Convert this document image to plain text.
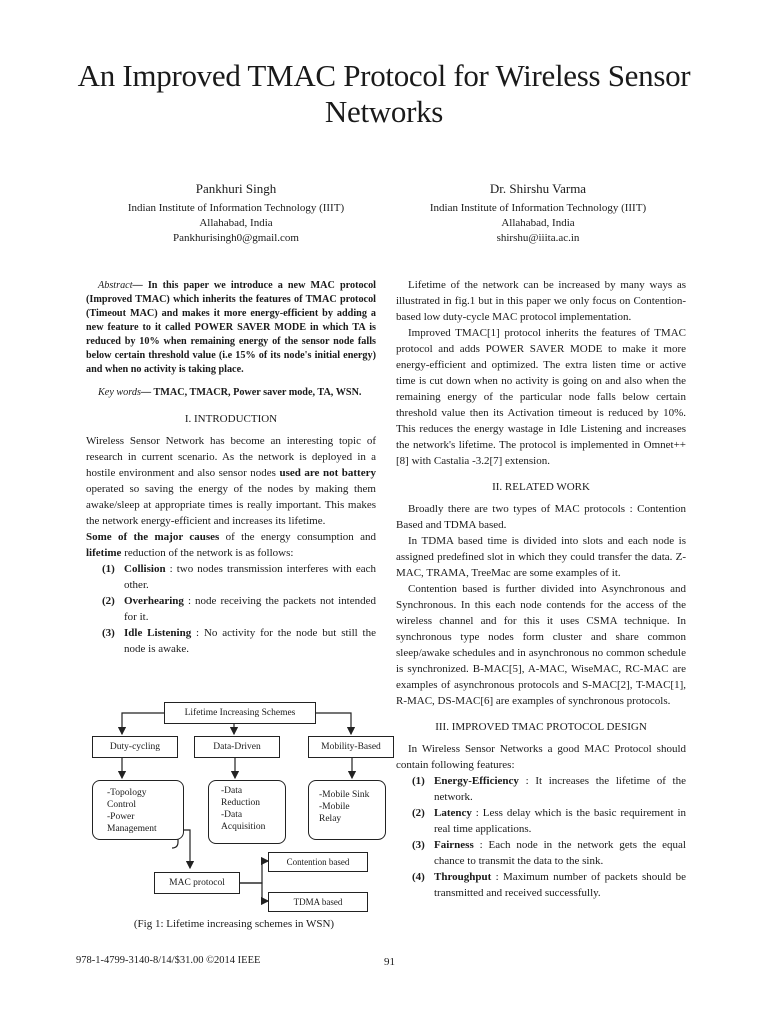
An Improved TMAC Protocol for Wireless Sensor Networks
Pankhuri Singh
Indian Institute of Information Technology (IIIT)
Allahabad, India
Pankhurisingh0@gmail.com
Dr. Shirshu Varma
Indian Institute of Information Technology (IIIT)
Allahabad, India
shirshu@iiita.ac.in

Abstract— In this paper we introduce a new MAC protocol (Improved TMAC) which inherits the features of TMAC protocol (Timeout MAC) and makes it more energy-efficient by adding a new feature to it called POWER SAVER MODE in which TA is reduced by 10% when remaining energy of the sensor node falls below certain threshold value (i.e 15% of its node's initial energy) and when no activity is taking place.

Key words— TMAC, TMACR, Power saver mode, TA, WSN.

I. INTRODUCTION

Wireless Sensor Network has become an interesting topic of research in current scenario. As the network is deployed in a hostile environment and also sensor nodes used are not battery operated so saving the energy of the nodes by making them awake/sleep at appropriate times is really important. This makes the network energy-efficient and increases its lifetime.

Some of the major causes of the energy consumption and lifetime reduction of the network is as follows:

(1) Collision : two nodes transmission interferes with each other.
(2) Overhearing : node receiving the packets not intended for it.
(3) Idle Listening : No activity for the node but still the node is awake.
Lifetime Increasing Schemes
Duty-cycling	Data-Driven	Mobility-Based
-Topology
Control
-Power
Management
-Data
Reduction
-Data
Acquisition
-Mobile Sink
-Mobile
Relay
MAC protocol
Contention based
TDMA based
(Fig 1: Lifetime increasing schemes in WSN)

Lifetime of the network can be increased by many ways as illustrated in fig.1 but in this paper we only focus on Contention-based low duty-cycle MAC protocol implementation.

Improved TMAC[1] protocol inherits the features of TMAC protocol and adds POWER SAVER MODE to make it more energy-efficient and optimized. The extra listen time or active time is cut down when no activity is going on and also when the remaining energy of the particular node falls below certain threshold value then its Activation timeout is reduced by 10%. This reduces the energy wastage in Idle Listening and increases the network's lifetime. The protocol is implemented in Omnet++[8] with Castalia -3.2[7] extension.

II. RELATED WORK

Broadly there are two types of MAC protocols : Contention Based and TDMA based.

In TDMA based time is divided into slots and each node is assigned predefined slot in which they could transfer the data. Z-MAC, TRAMA, TreeMac are some examples of it.

Contention based is further divided into Asynchronous and Synchronous. In this each node contends for the access of the wireless channel and for this it uses CSMA technique. In synchronous type nodes form cluster and share common sleep/awake schedules and in asynchronous no common schedule is synchronized. B-MAC[5], A-MAC, WiseMAC, RC-MAC are examples of asynchronous protocols and S-MAC[2], T-MAC[1], R-MAC, DS-MAC[6] are examples of synchronous protocols.

III. IMPROVED TMAC PROTOCOL DESIGN

In Wireless Sensor Networks a good MAC Protocol should contain following features:

(1) Energy-Efficiency : It increases the lifetime of the network.
(2) Latency : Less delay which is the basic requirement in real time applications.
(3) Fairness : Each node in the network gets the equal chance to transmit the data to the sink.
(4) Throughput : Maximum number of packets should be transmitted and received successfully.
978-1-4799-3140-8/14/$31.00 ©2014 IEEE	91
